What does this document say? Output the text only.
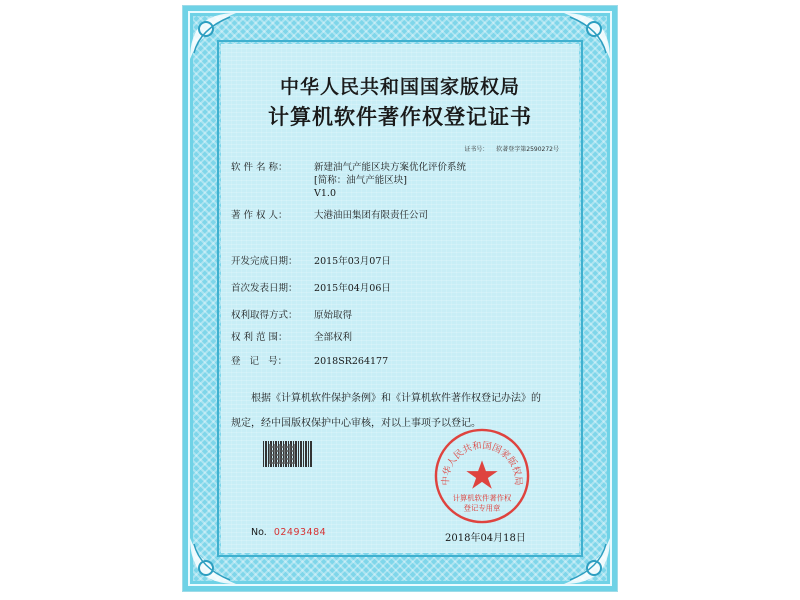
中华人民共和国国家版权局
计算机软件著作权登记证书
证书号： 软著登字第2590272号
软 件 名 称：	新建油气产能区块方案优化评价系统
[简称：油气产能区块]
V1.0
著 作 权 人：	大港油田集团有限责任公司
开发完成日期： 2015年03月07日
首次发表日期： 2015年04月06日
权利取得方式： 原始取得
权 利 范 围：	全部权利
登   记   号：	2018SR264177
根据《计算机软件保护条例》和《计算机软件著作权登记办法》的
规定，经中国版权保护中心审核，对以上事项予以登记。
No. 02493484
中华人民共和国国家版权局
计算机软件著作权
登记专用章
2018年04月18日
